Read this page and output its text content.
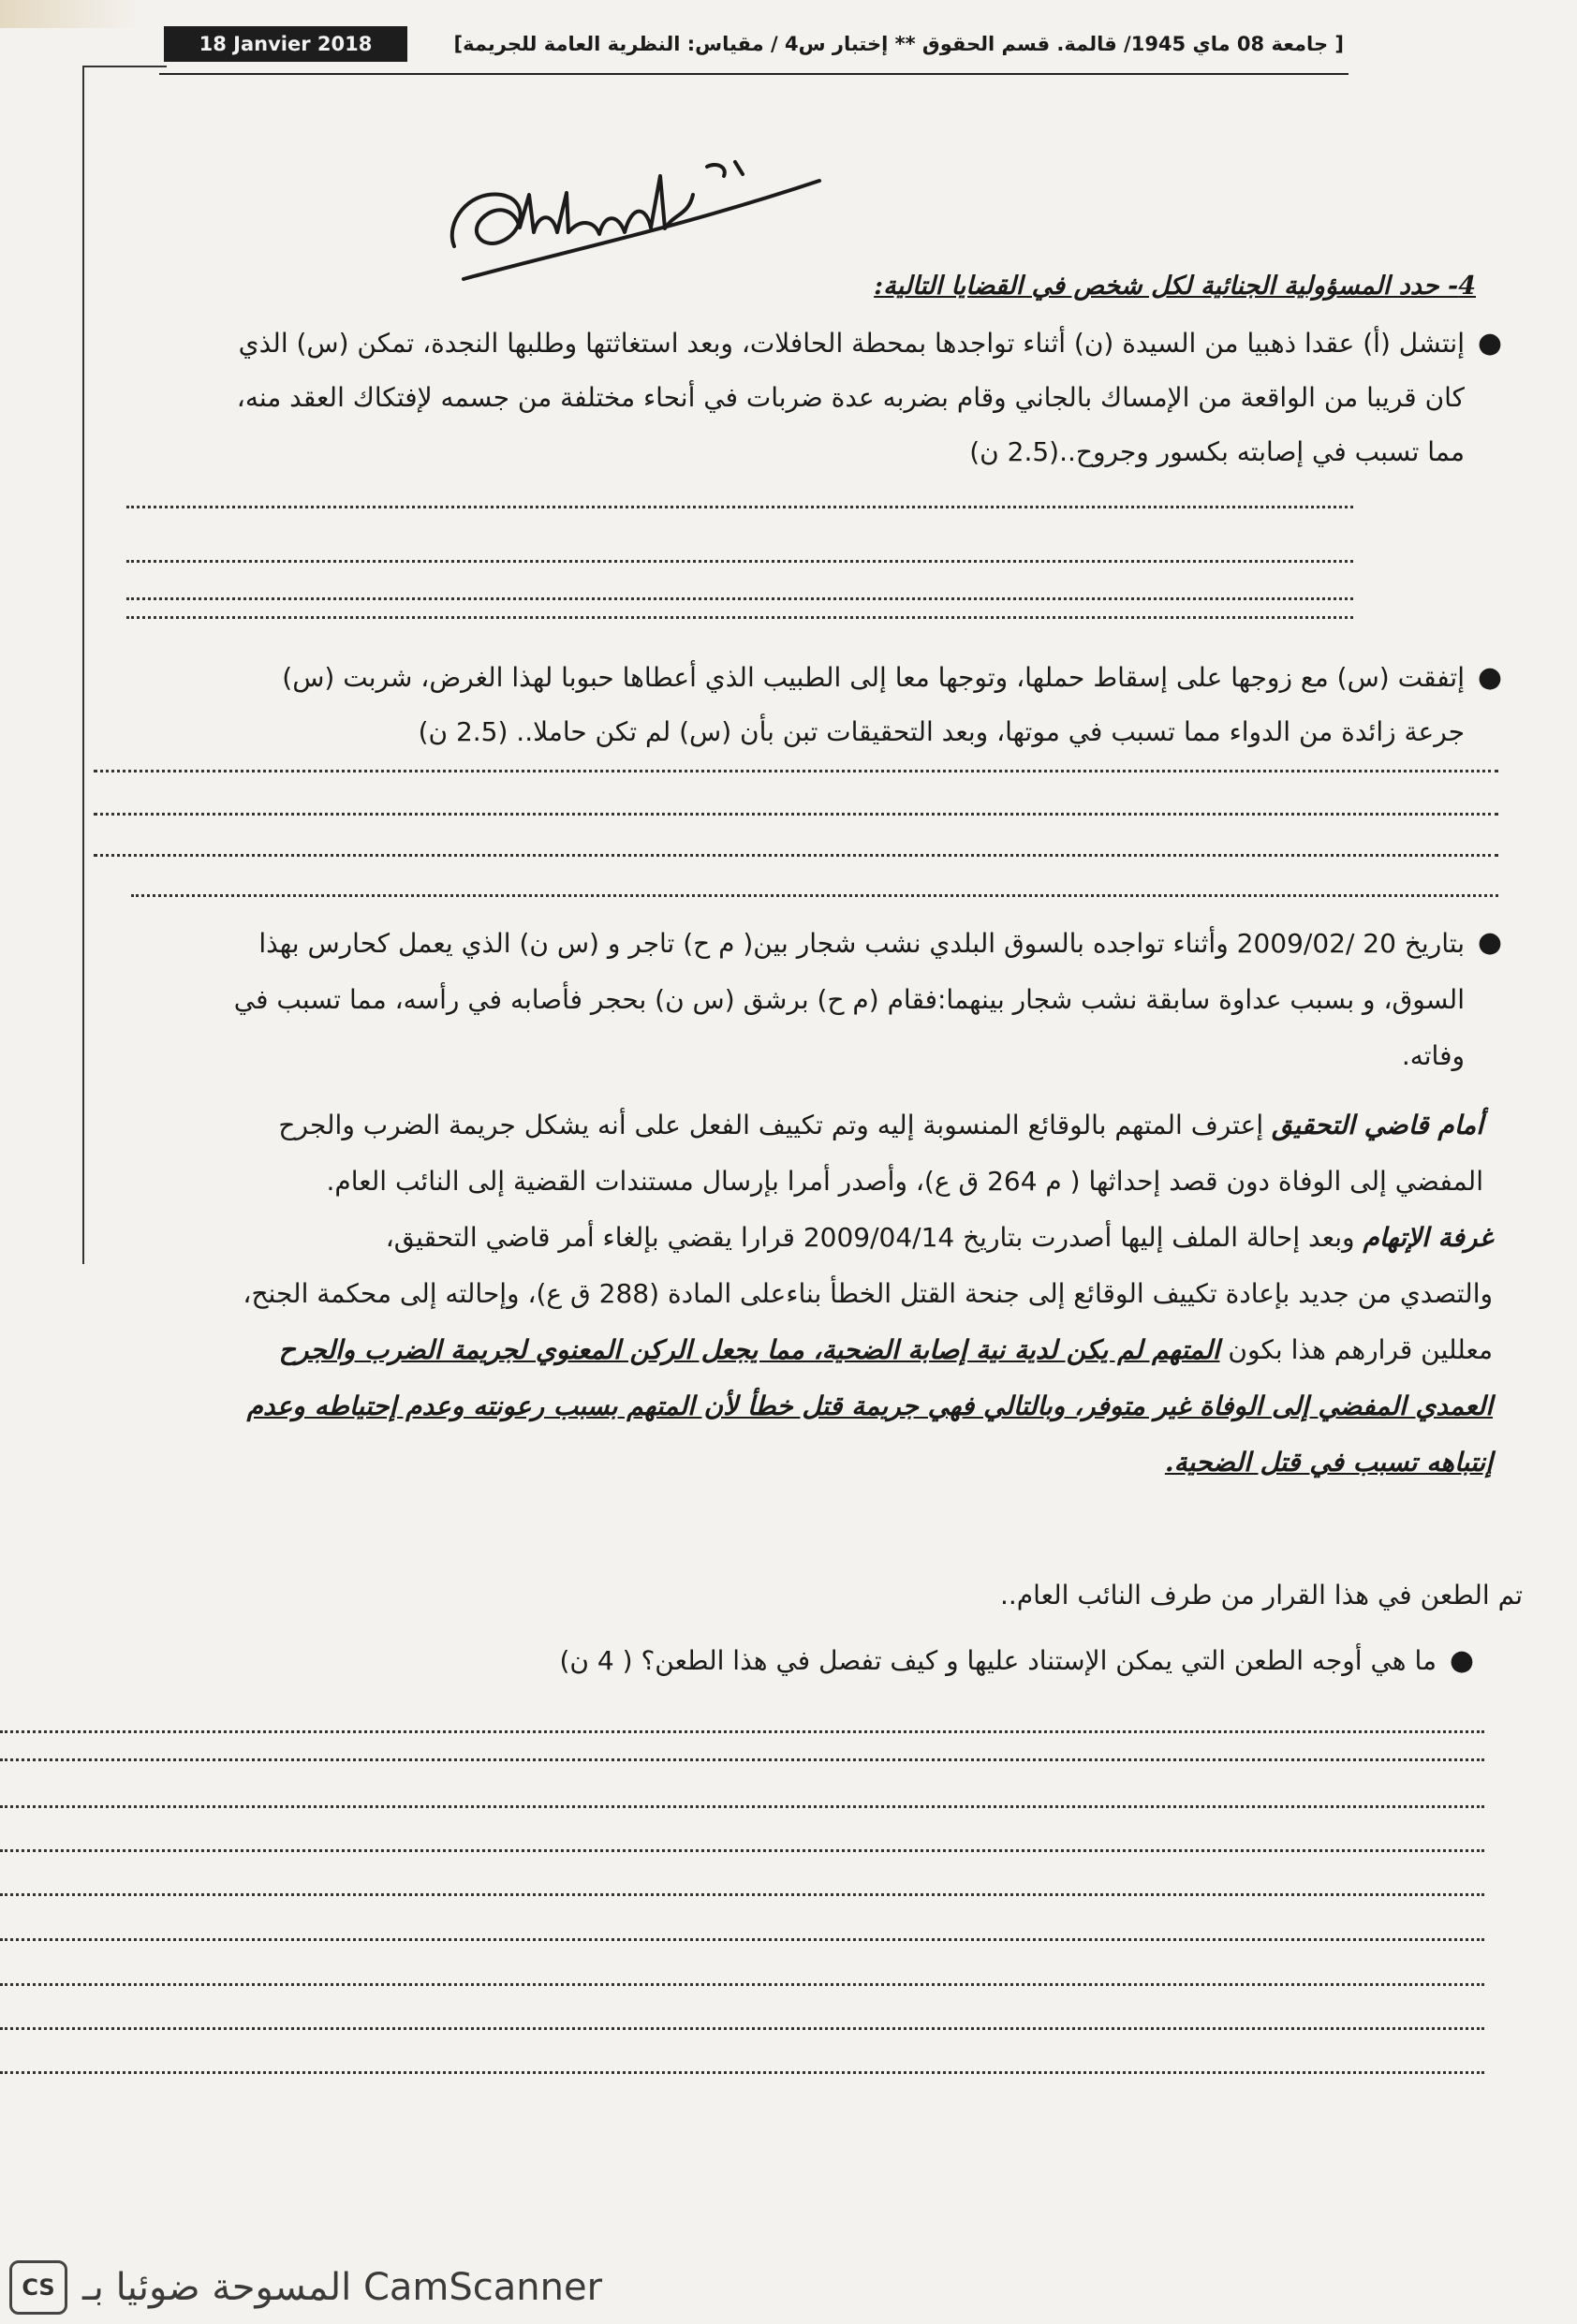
18 Janvier 2018	[ جامعة 08 ماي 1945/ قالمة. قسم الحقوق ** إختبار س4 / مقياس: النظرية العامة للجريمة]
4- حدد المسؤولية الجنائية لكل شخص في القضايا التالية:
●
إنتشل (أ) عقدا ذهبيا من السيدة (ن) أثناء تواجدها بمحطة الحافلات، وبعد استغاثتها وطلبها النجدة، تمكن (س) الذي
كان قريبا من الواقعة من الإمساك بالجاني وقام بضربه عدة ضربات في أنحاء مختلفة من جسمه لإفتكاك العقد منه،
مما تسبب في إصابته بكسور وجروح..(2.5 ن)
●
إتفقت (س) مع زوجها على إسقاط حملها، وتوجها معا إلى الطبيب الذي أعطاها حبوبا لهذا الغرض، شربت (س)
جرعة زائدة من الدواء مما تسبب في موتها، وبعد التحقيقات تبن بأن (س) لم تكن حاملا.. (2.5 ن)
●
بتاريخ 20 /2009/02 وأثناء تواجده بالسوق البلدي نشب شجار بين( م ح) تاجر و (س ن) الذي يعمل كحارس بهذا
السوق، و بسبب عداوة سابقة نشب شجار بينهما:فقام (م ح) برشق (س ن) بحجر فأصابه في رأسه، مما تسبب في
وفاته.
أمام قاضي التحقيق إعترف المتهم بالوقائع المنسوبة إليه وتم تكييف الفعل على أنه يشكل جريمة الضرب والجرح
المفضي إلى الوفاة دون قصد إحداثها ( م 264 ق ع)، وأصدر أمرا بإرسال مستندات القضية إلى النائب العام.
غرفة الإتهام وبعد إحالة الملف إليها أصدرت بتاريخ 2009/04/14 قرارا يقضي بإلغاء أمر قاضي التحقيق،
والتصدي من جديد بإعادة تكييف الوقائع إلى جنحة القتل الخطأ بناءعلى المادة (288 ق ع)، وإحالته إلى محكمة الجنح،
معللين قرارهم هذا بكون المتهم لم يكن لدية نية إصابة الضحية، مما يجعل الركن المعنوي لجريمة الضرب والجرح
العمدي المفضي إلى الوفاة غير متوفر، وبالتالي فهي جريمة قتل خطأ لأن المتهم بسبب رعونته وعدم إحتياطه وعدم
إنتباهه تسبب في قتل الضحية.
تم الطعن في هذا القرار من طرف النائب العام..
●
ما هي أوجه الطعن التي يمكن الإستناد عليها و كيف تفصل في هذا الطعن؟ ( 4 ن)
CS المسوحة ضوئيا بـ CamScanner
